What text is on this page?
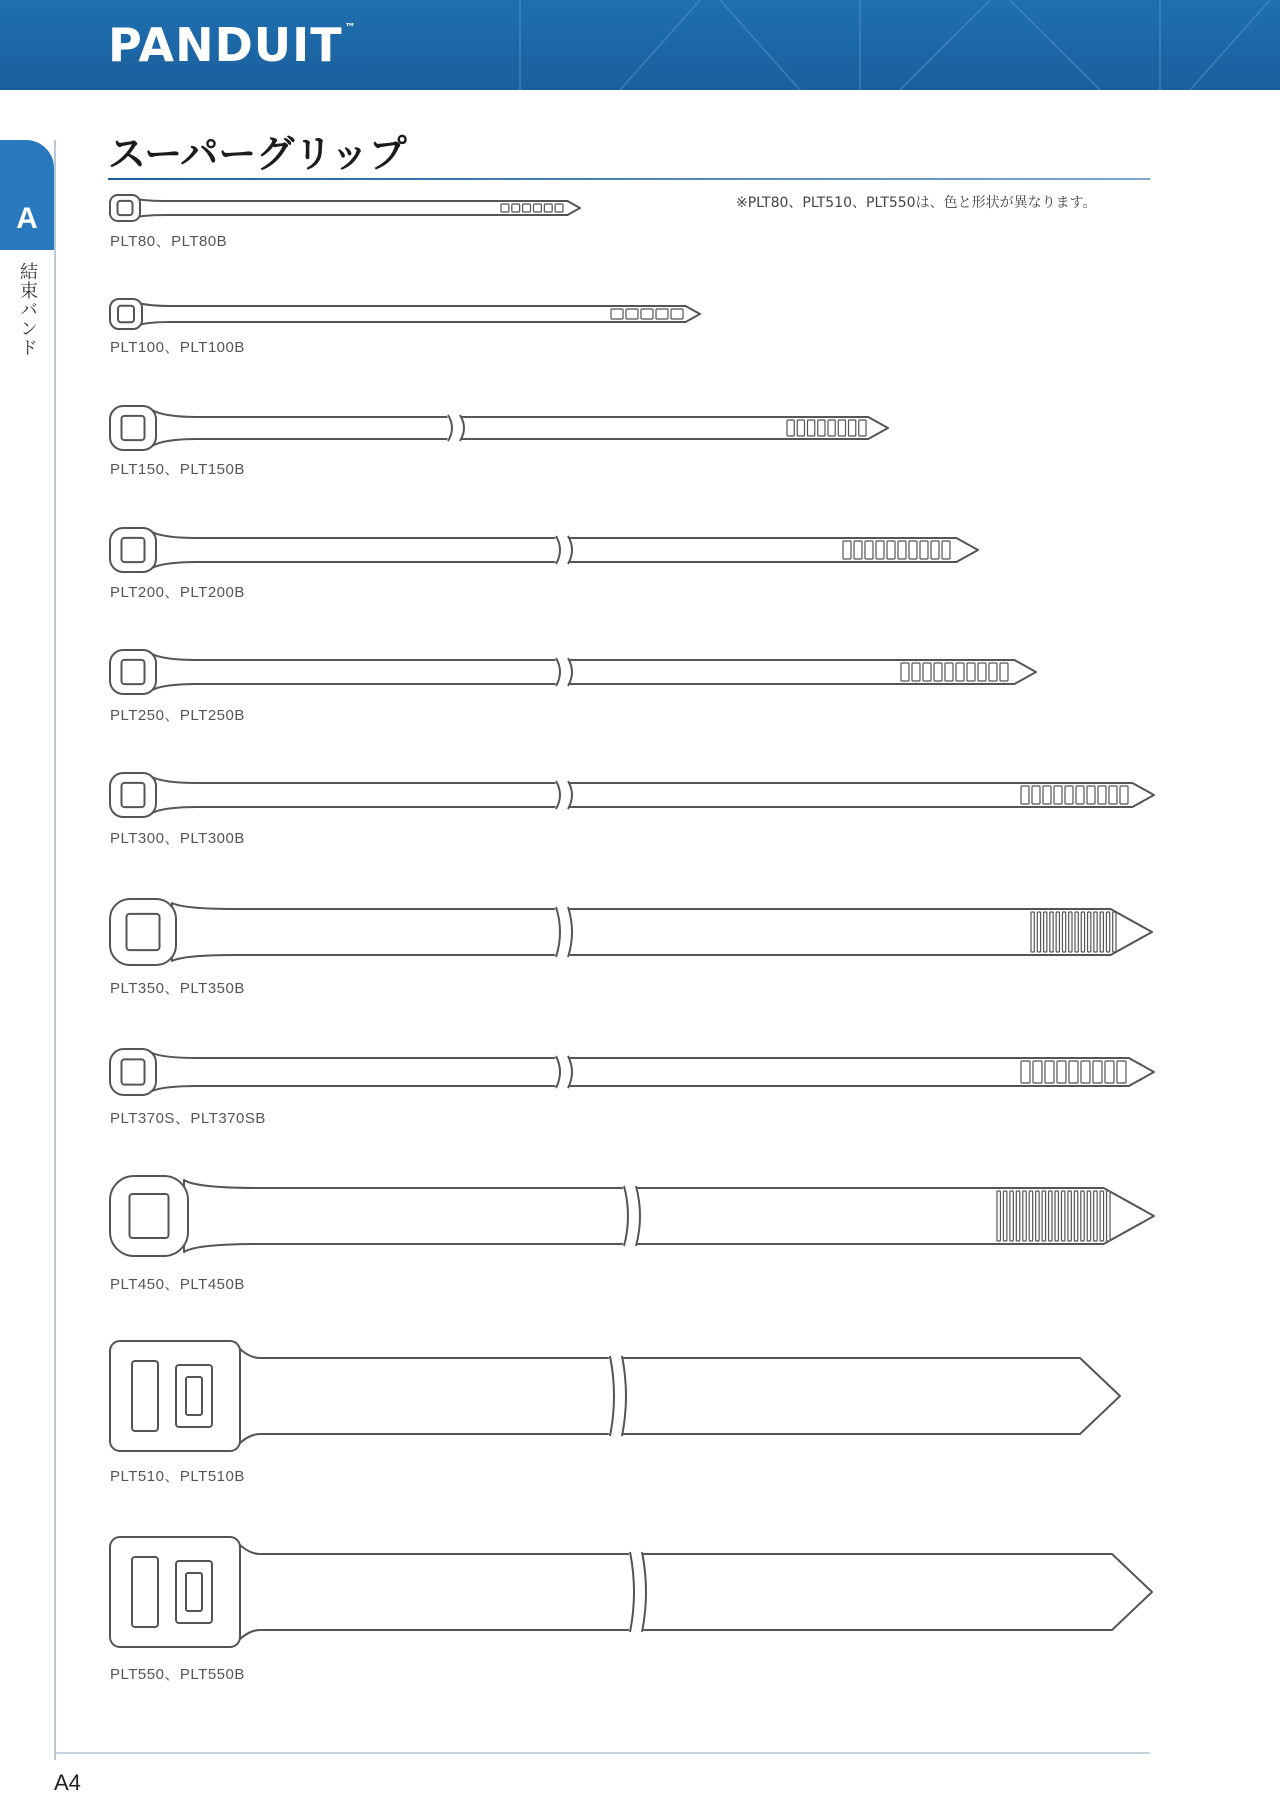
PANDUIT ™
A
結束バンド
スーパーグリップ
※PLT80、PLT510、PLT550は、色と形状が異なります。
PLT80、PLT80B
PLT100、PLT100B
PLT150、PLT150B
PLT200、PLT200B
PLT250、PLT250B
PLT300、PLT300B
PLT350、PLT350B
PLT370S、PLT370SB
PLT450、PLT450B
PLT510、PLT510B
PLT550、PLT550B
A4
